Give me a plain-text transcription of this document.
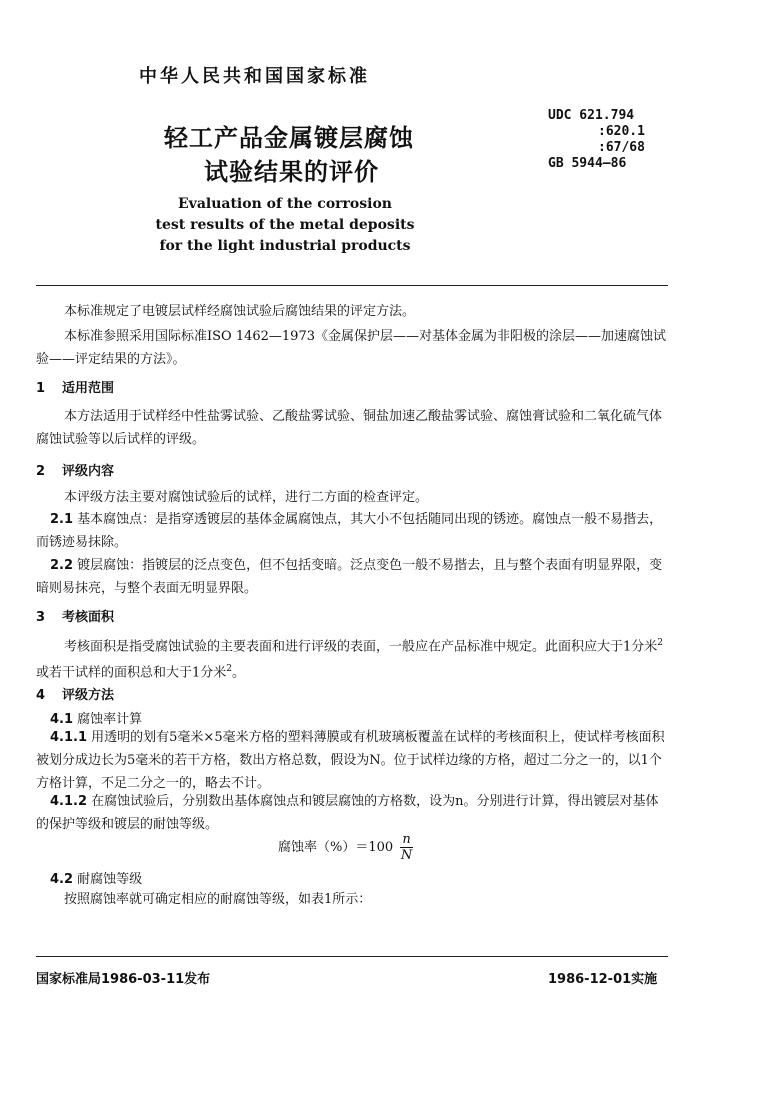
中华人民共和国国家标准
轻工产品金属镀层腐蚀
试验结果的评价
Evaluation of the corrosion
test results of the metal deposits
for the light industrial products
UDC 621.794
:620.1
:67/68
GB 5944—86
本标准规定了电镀层试样经腐蚀试验后腐蚀结果的评定方法。
本标准参照采用国际标准ISO 1462—1973《金属保护层——对基体金属为非阳极的涂层——加速腐蚀试验——评定结果的方法》。
1 适用范围
本方法适用于试样经中性盐雾试验、乙酸盐雾试验、铜盐加速乙酸盐雾试验、腐蚀膏试验和二氧化硫气体腐蚀试验等以后试样的评级。
2 评级内容
本评级方法主要对腐蚀试验后的试样，进行二方面的检查评定。
2.1 基本腐蚀点：是指穿透镀层的基体金属腐蚀点，其大小不包括随同出现的锈迹。腐蚀点一般不易揩去，而锈迹易抹除。
2.2 镀层腐蚀：指镀层的泛点变色，但不包括变暗。泛点变色一般不易揩去，且与整个表面有明显界限，变暗则易抹亮，与整个表面无明显界限。
3 考核面积
考核面积是指受腐蚀试验的主要表面和进行评级的表面，一般应在产品标准中规定。此面积应大于1分米$^2$或若干试样的面积总和大于1分米$^2$。
4 评级方法
4.1 腐蚀率计算
4.1.1 用透明的划有5毫米×5毫米方格的塑料薄膜或有机玻璃板覆盖在试样的考核面积上，使试样考核面积被划分成边长为5毫米的若干方格，数出方格总数，假设为N。位于试样边缘的方格，超过二分之一的，以1个方格计算，不足二分之一的，略去不计。
4.1.2 在腐蚀试验后，分别数出基体腐蚀点和镀层腐蚀的方格数，设为n。分别进行计算，得出镀层对基体的保护等级和镀层的耐蚀等级。
腐蚀率$(\%)=100 \frac{n}{N}$
4.2 耐腐蚀等级
按照腐蚀率就可确定相应的耐腐蚀等级，如表1所示：
国家标准局1986-03-11发布	1986-12-01实施
